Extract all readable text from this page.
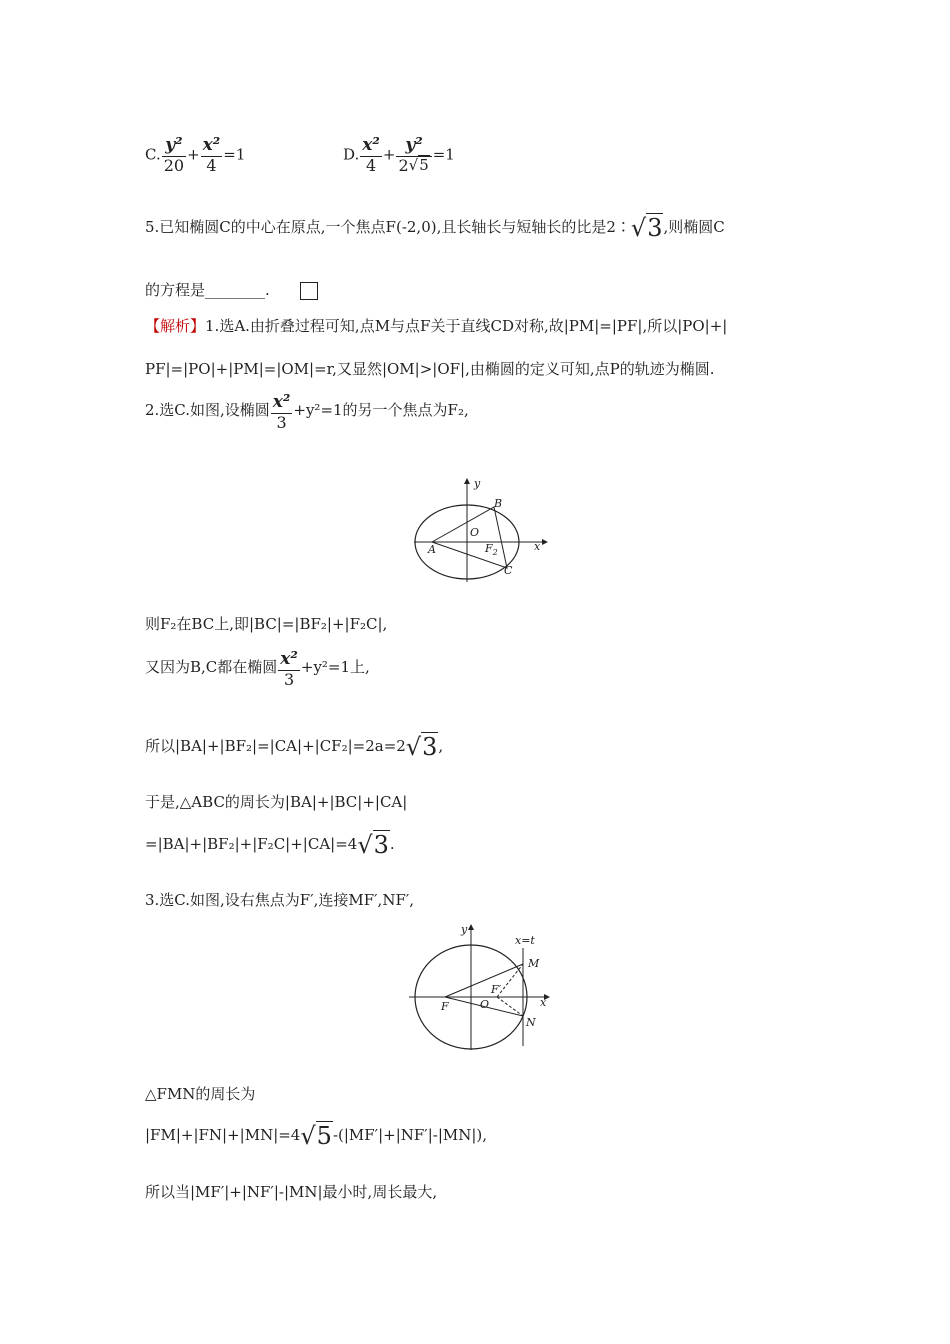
C. $\frac{\text{y²}}{20} + \frac{\text{x²}}{4} =1$	D. $\frac{\text{x²}}{4} + \frac{\text{y²}}{2√5} =1$
5.已知椭圆C的中心在原点,一个焦点F(-2,0),且长轴长与短轴长的比是2∶√3,则椭圆C
的方程是________.
【解析】1.选A.由折叠过程可知,点M与点F关于直线CD对称,故|PM|=|PF|,所以|PO|+|
PF|=|PO|+|PM|=|OM|=r,又显然|OM|>|OF|,由椭圆的定义可知,点P的轨迹为椭圆.
2.选C.如图,设椭圆 $\frac{\text{x²}}{3} +y^2=1$的另一个焦点为F₂,
y
x
O
A
B
C
$F_2$
则F₂在BC上,即|BC|=|BF₂|+|F₂C|,
又因为B,C都在椭圆 $\frac{\text{x²}}{3} +y^2=1$上,
所以|BA|+|BF₂|=|CA|+|CF₂|=2a=2√3,
于是,△ABC的周长为|BA|+|BC|+|CA|
=|BA|+|BF₂|+|F₂C|+|CA|=4√3.
3.选C.如图,设右焦点为F′,连接MF′,NF′,
y
x
O
F
F′
M
N
x=t
△FMN的周长为
|FM|+|FN|+|MN|=4√5-(|MF′|+|NF′|-|MN|),
所以当|MF′|+|NF′|-|MN|最小时,周长最大,
